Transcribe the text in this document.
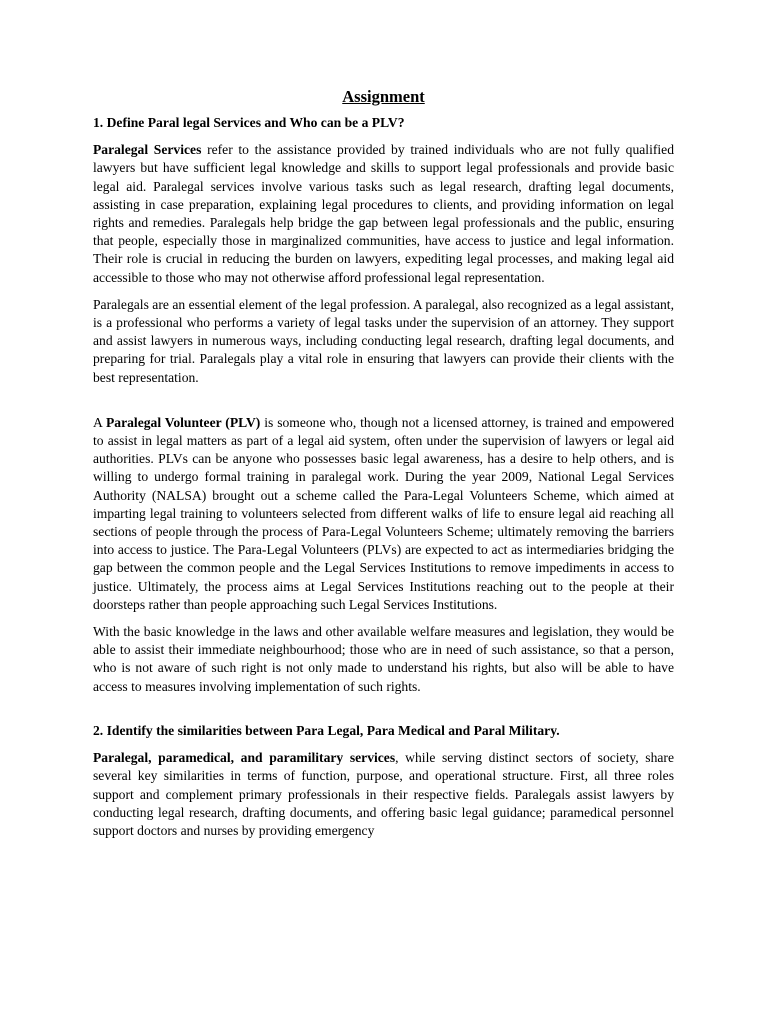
Assignment
1. Define Paral legal Services and Who can be a PLV?

Paralegal Services refer to the assistance provided by trained individuals who are not fully qualified lawyers but have sufficient legal knowledge and skills to support legal professionals and provide basic legal aid. Paralegal services involve various tasks such as legal research, drafting legal documents, assisting in case preparation, explaining legal procedures to clients, and providing information on legal rights and remedies. Paralegals help bridge the gap between legal professionals and the public, ensuring that people, especially those in marginalized communities, have access to justice and legal information. Their role is crucial in reducing the burden on lawyers, expediting legal processes, and making legal aid accessible to those who may not otherwise afford professional legal representation.

Paralegals are an essential element of the legal profession. A paralegal, also recognized as a legal assistant, is a professional who performs a variety of legal tasks under the supervision of an attorney. They support and assist lawyers in numerous ways, including conducting legal research, drafting legal documents, and preparing for trial. Paralegals play a vital role in ensuring that lawyers can provide their clients with the best representation.

A Paralegal Volunteer (PLV) is someone who, though not a licensed attorney, is trained and empowered to assist in legal matters as part of a legal aid system, often under the supervision of lawyers or legal aid authorities. PLVs can be anyone who possesses basic legal awareness, has a desire to help others, and is willing to undergo formal training in paralegal work. During the year 2009, National Legal Services Authority (NALSA) brought out a scheme called the Para-Legal Volunteers Scheme, which aimed at imparting legal training to volunteers selected from different walks of life to ensure legal aid reaching all sections of people through the process of Para-Legal Volunteers Scheme; ultimately removing the barriers into access to justice. The Para-Legal Volunteers (PLVs) are expected to act as intermediaries bridging the gap between the common people and the Legal Services Institutions to remove impediments in access to justice. Ultimately, the process aims at Legal Services Institutions reaching out to the people at their doorsteps rather than people approaching such Legal Services Institutions.

With the basic knowledge in the laws and other available welfare measures and legislation, they would be able to assist their immediate neighbourhood; those who are in need of such assistance, so that a person, who is not aware of such right is not only made to understand his rights, but also will be able to have access to measures involving implementation of such rights.

2. Identify the similarities between Para Legal, Para Medical and Paral Military.

Paralegal, paramedical, and paramilitary services, while serving distinct sectors of society, share several key similarities in terms of function, purpose, and operational structure. First, all three roles support and complement primary professionals in their respective fields. Paralegals assist lawyers by conducting legal research, drafting documents, and offering basic legal guidance; paramedical personnel support doctors and nurses by providing emergency
